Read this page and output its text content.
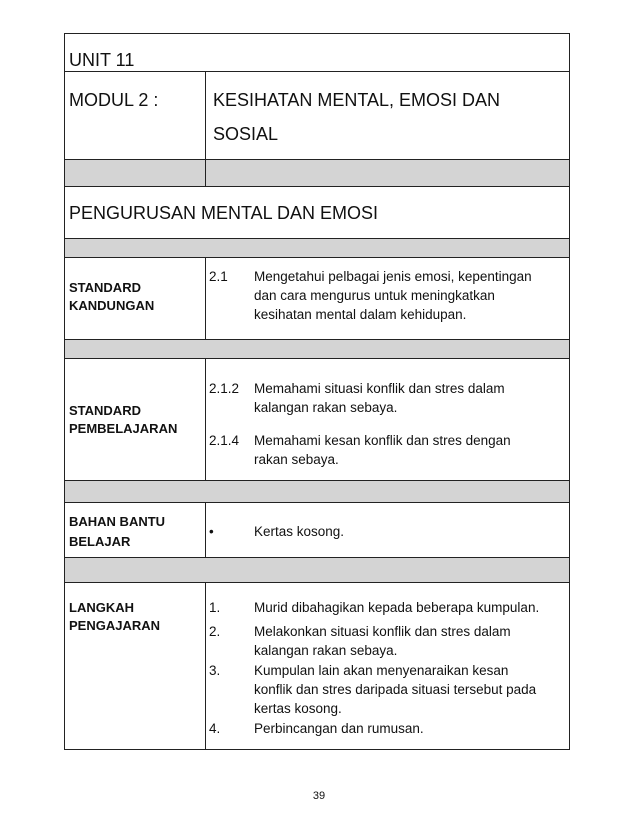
UNIT 11
MODUL 2 :	KESIHATAN MENTAL, EMOSI DAN
SOSIAL
PENGURUSAN MENTAL DAN EMOSI
STANDARD
KANDUNGAN
2.1 Mengetahui pelbagai jenis emosi, kepentingan
dan cara mengurus untuk meningkatkan
kesihatan mental dalam kehidupan.
STANDARD
PEMBELAJARAN
2.1.2 Memahami situasi konflik dan stres dalam
kalangan rakan sebaya.
2.1.4 Memahami kesan konflik dan stres dengan
rakan sebaya.
BAHAN BANTU
BELAJAR
•	Kertas kosong.
LANGKAH
PENGAJARAN
1. Murid dibahagikan kepada beberapa kumpulan.
2. Melakonkan situasi konflik dan stres dalam
kalangan rakan sebaya.
3. Kumpulan lain akan menyenaraikan kesan
konflik dan stres daripada situasi tersebut pada
kertas kosong.
4. Perbincangan dan rumusan.
39
